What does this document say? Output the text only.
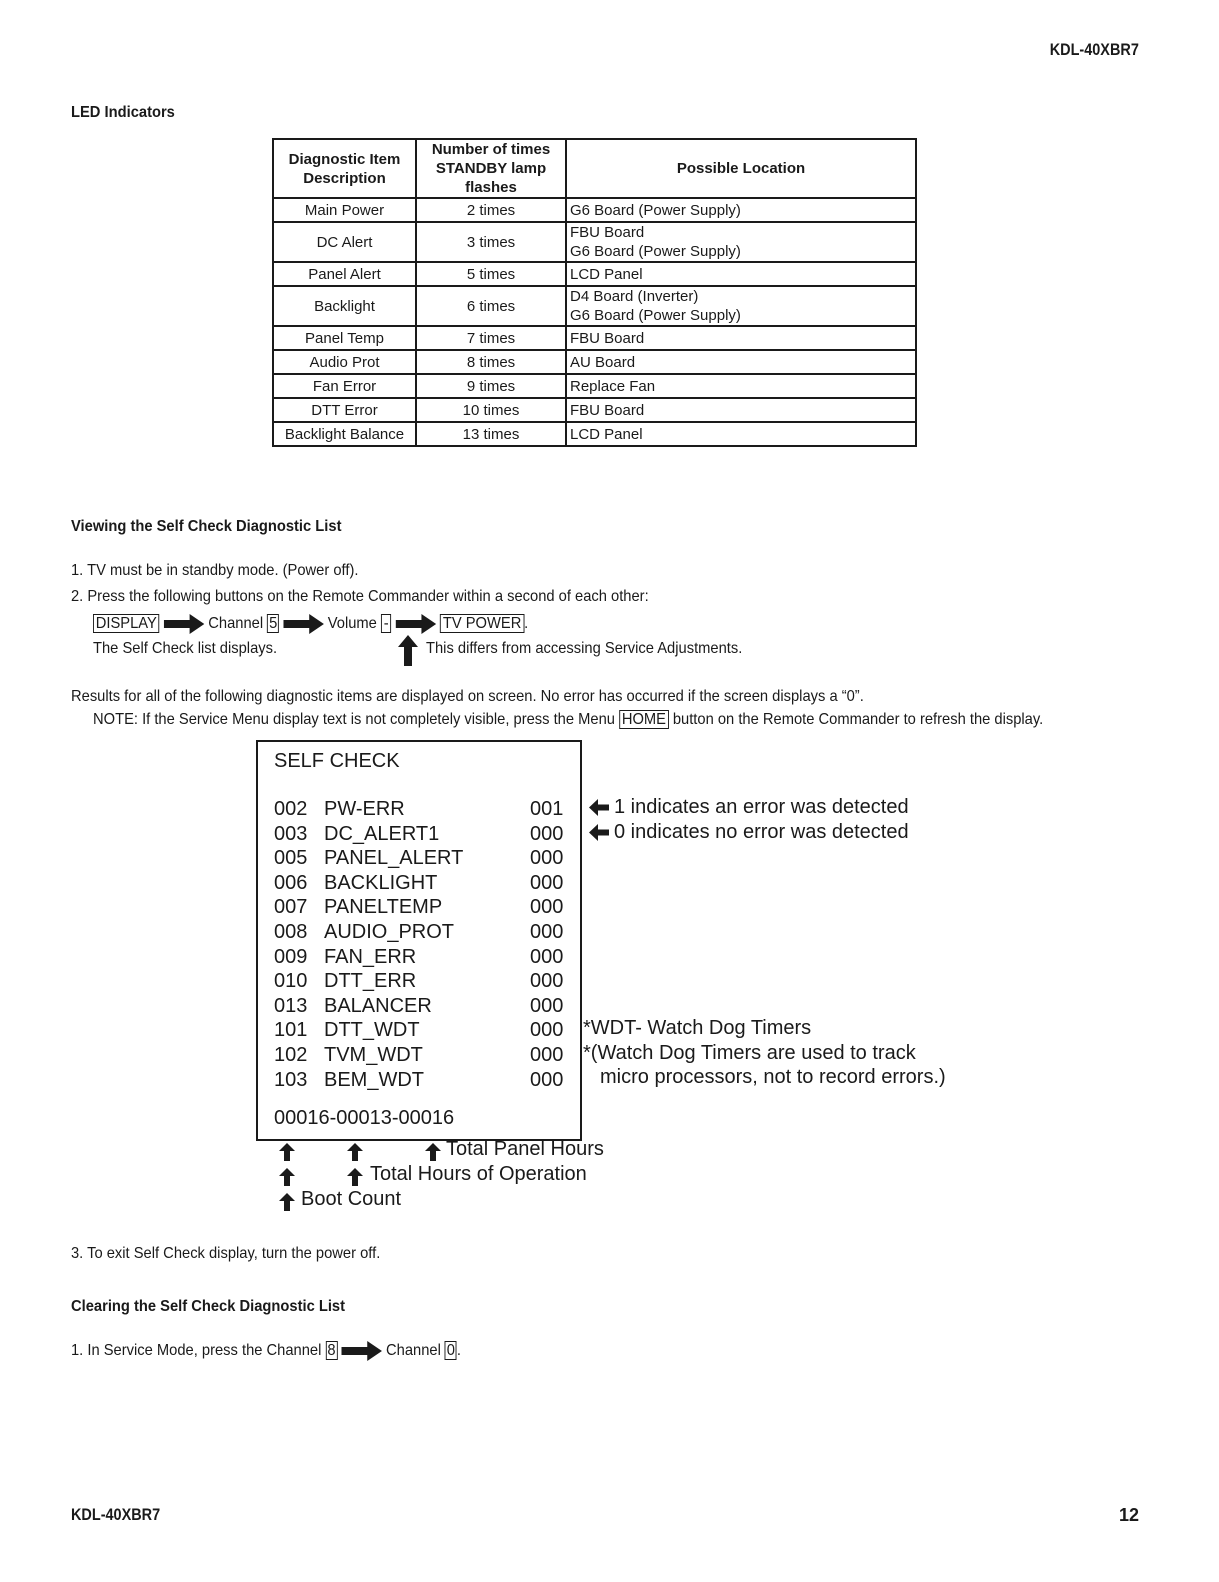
KDL-40XBR7
LED Indicators
Diagnostic Item Description	Number of times STANDBY lamp flashes	Possible Location
Main Power	2 times	G6 Board (Power Supply)
DC Alert	3 times	FBU Board
G6 Board (Power Supply)

Panel Alert	5 times	LCD Panel
Backlight	6 times	D4 Board (Inverter)
G6 Board (Power Supply)

Panel Temp	7 times	FBU Board
Audio Prot	8 times	AU Board
Fan Error	9 times	Replace Fan
DTT Error	10 times	FBU Board
Backlight Balance	13 times	LCD Panel
Viewing the Self Check Diagnostic List
1. TV must be in standby mode. (Power off).
2. Press the following buttons on the Remote Commander within a second of each other:
DISPLAY	Channel 5	Volume -	TV POWER .
The Self Check list displays.	This differs from accessing Service Adjustments.
Results for all of the following diagnostic items are displayed on screen. No error has occurred if the screen displays a “0”.
NOTE: If the Service Menu display text is not completely visible, press the Menu HOME button on the Remote Commander to refresh the display.
SELF CHECK
002 PW-ERR	001
003 DC_ALERT1	000
005 PANEL_ALERT	000
006 BACKLIGHT	000
007 PANELTEMP	000
008 AUDIO_PROT	000
009 FAN_ERR	000
010 DTT_ERR	000
013 BALANCER	000
101 DTT_WDT	000
102 TVM_WDT	000
103 BEM_WDT	000
00016-00013-00016
1 indicates an error was detected
0 indicates no error was detected
*WDT- Watch Dog Timers
*(Watch Dog Timers are used to track
micro processors, not to record errors.)
Total Panel Hours
Total Hours of Operation
Boot Count
3. To exit Self Check display, turn the power off.
Clearing the Self Check Diagnostic List
1. In Service Mode, press the Channel 8	Channel 0 .
KDL-40XBR7	12
